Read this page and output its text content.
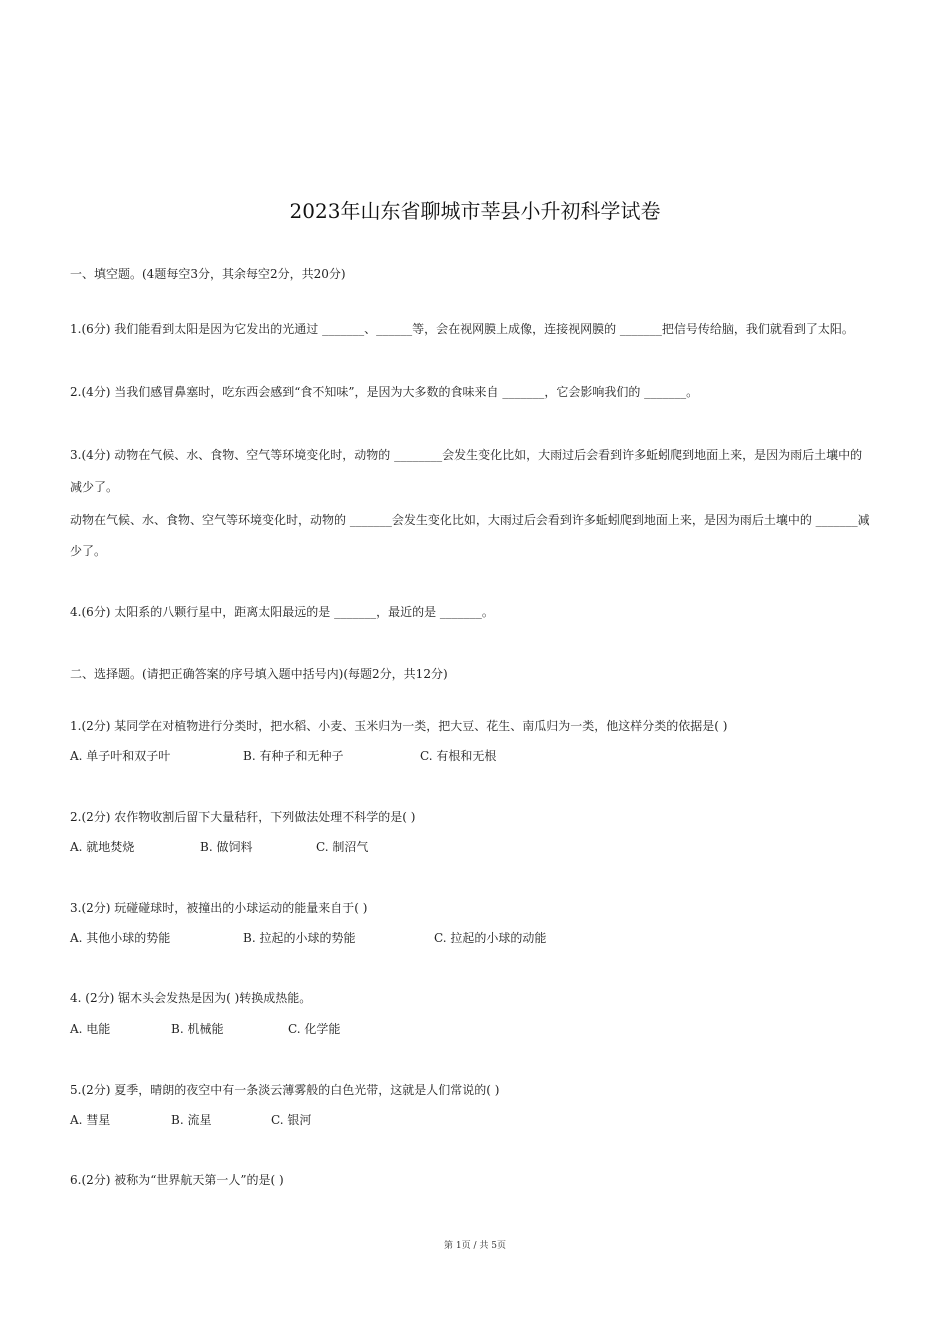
2023年山东省聊城市莘县小升初科学试卷
一、填空题。(4题每空3分，其余每空2分，共20分)
1.(6分) 我们能看到太阳是因为它发出的光通过 _______、______等，会在视网膜上成像，连接视网膜的 _______把信号传给脑，我们就看到了太阳。
2.(4分) 当我们感冒鼻塞时，吃东西会感到“食不知味”，是因为大多数的食味来自 _______，它会影响我们的 _______。
3.(4分) 动物在气候、水、食物、空气等环境变化时，动物的 ________会发生变化比如，大雨过后会看到许多蚯蚓爬到地面上来，是因为雨后土壤中的
减少了。
动物在气候、水、食物、空气等环境变化时，动物的 _______会发生变化比如，大雨过后会看到许多蚯蚓爬到地面上来，是因为雨后土壤中的 _______减
少了。
4.(6分) 太阳系的八颗行星中，距离太阳最远的是 _______，最近的是 _______。
二、选择题。(请把正确答案的序号填入题中括号内)(每题2分，共12分)
1.(2分) 某同学在对植物进行分类时，把水稻、小麦、玉米归为一类，把大豆、花生、南瓜归为一类，他这样分类的依据是( )
A. 单子叶和双子叶	B. 有种子和无种子	C. 有根和无根
2.(2分) 农作物收割后留下大量秸秆，下列做法处理不科学的是( )
A. 就地焚烧	B. 做饲料	C. 制沼气
3.(2分) 玩碰碰球时，被撞出的小球运动的能量来自于( )
A. 其他小球的势能	B. 拉起的小球的势能	C. 拉起的小球的动能
4. (2分) 锯木头会发热是因为( )转换成热能。
A. 电能	B. 机械能	C. 化学能
5.(2分) 夏季，晴朗的夜空中有一条淡云薄雾般的白色光带，这就是人们常说的( )
A. 彗星	B. 流星	C. 银河
6.(2分) 被称为“世界航天第一人”的是( )
第 1页 / 共 5页
